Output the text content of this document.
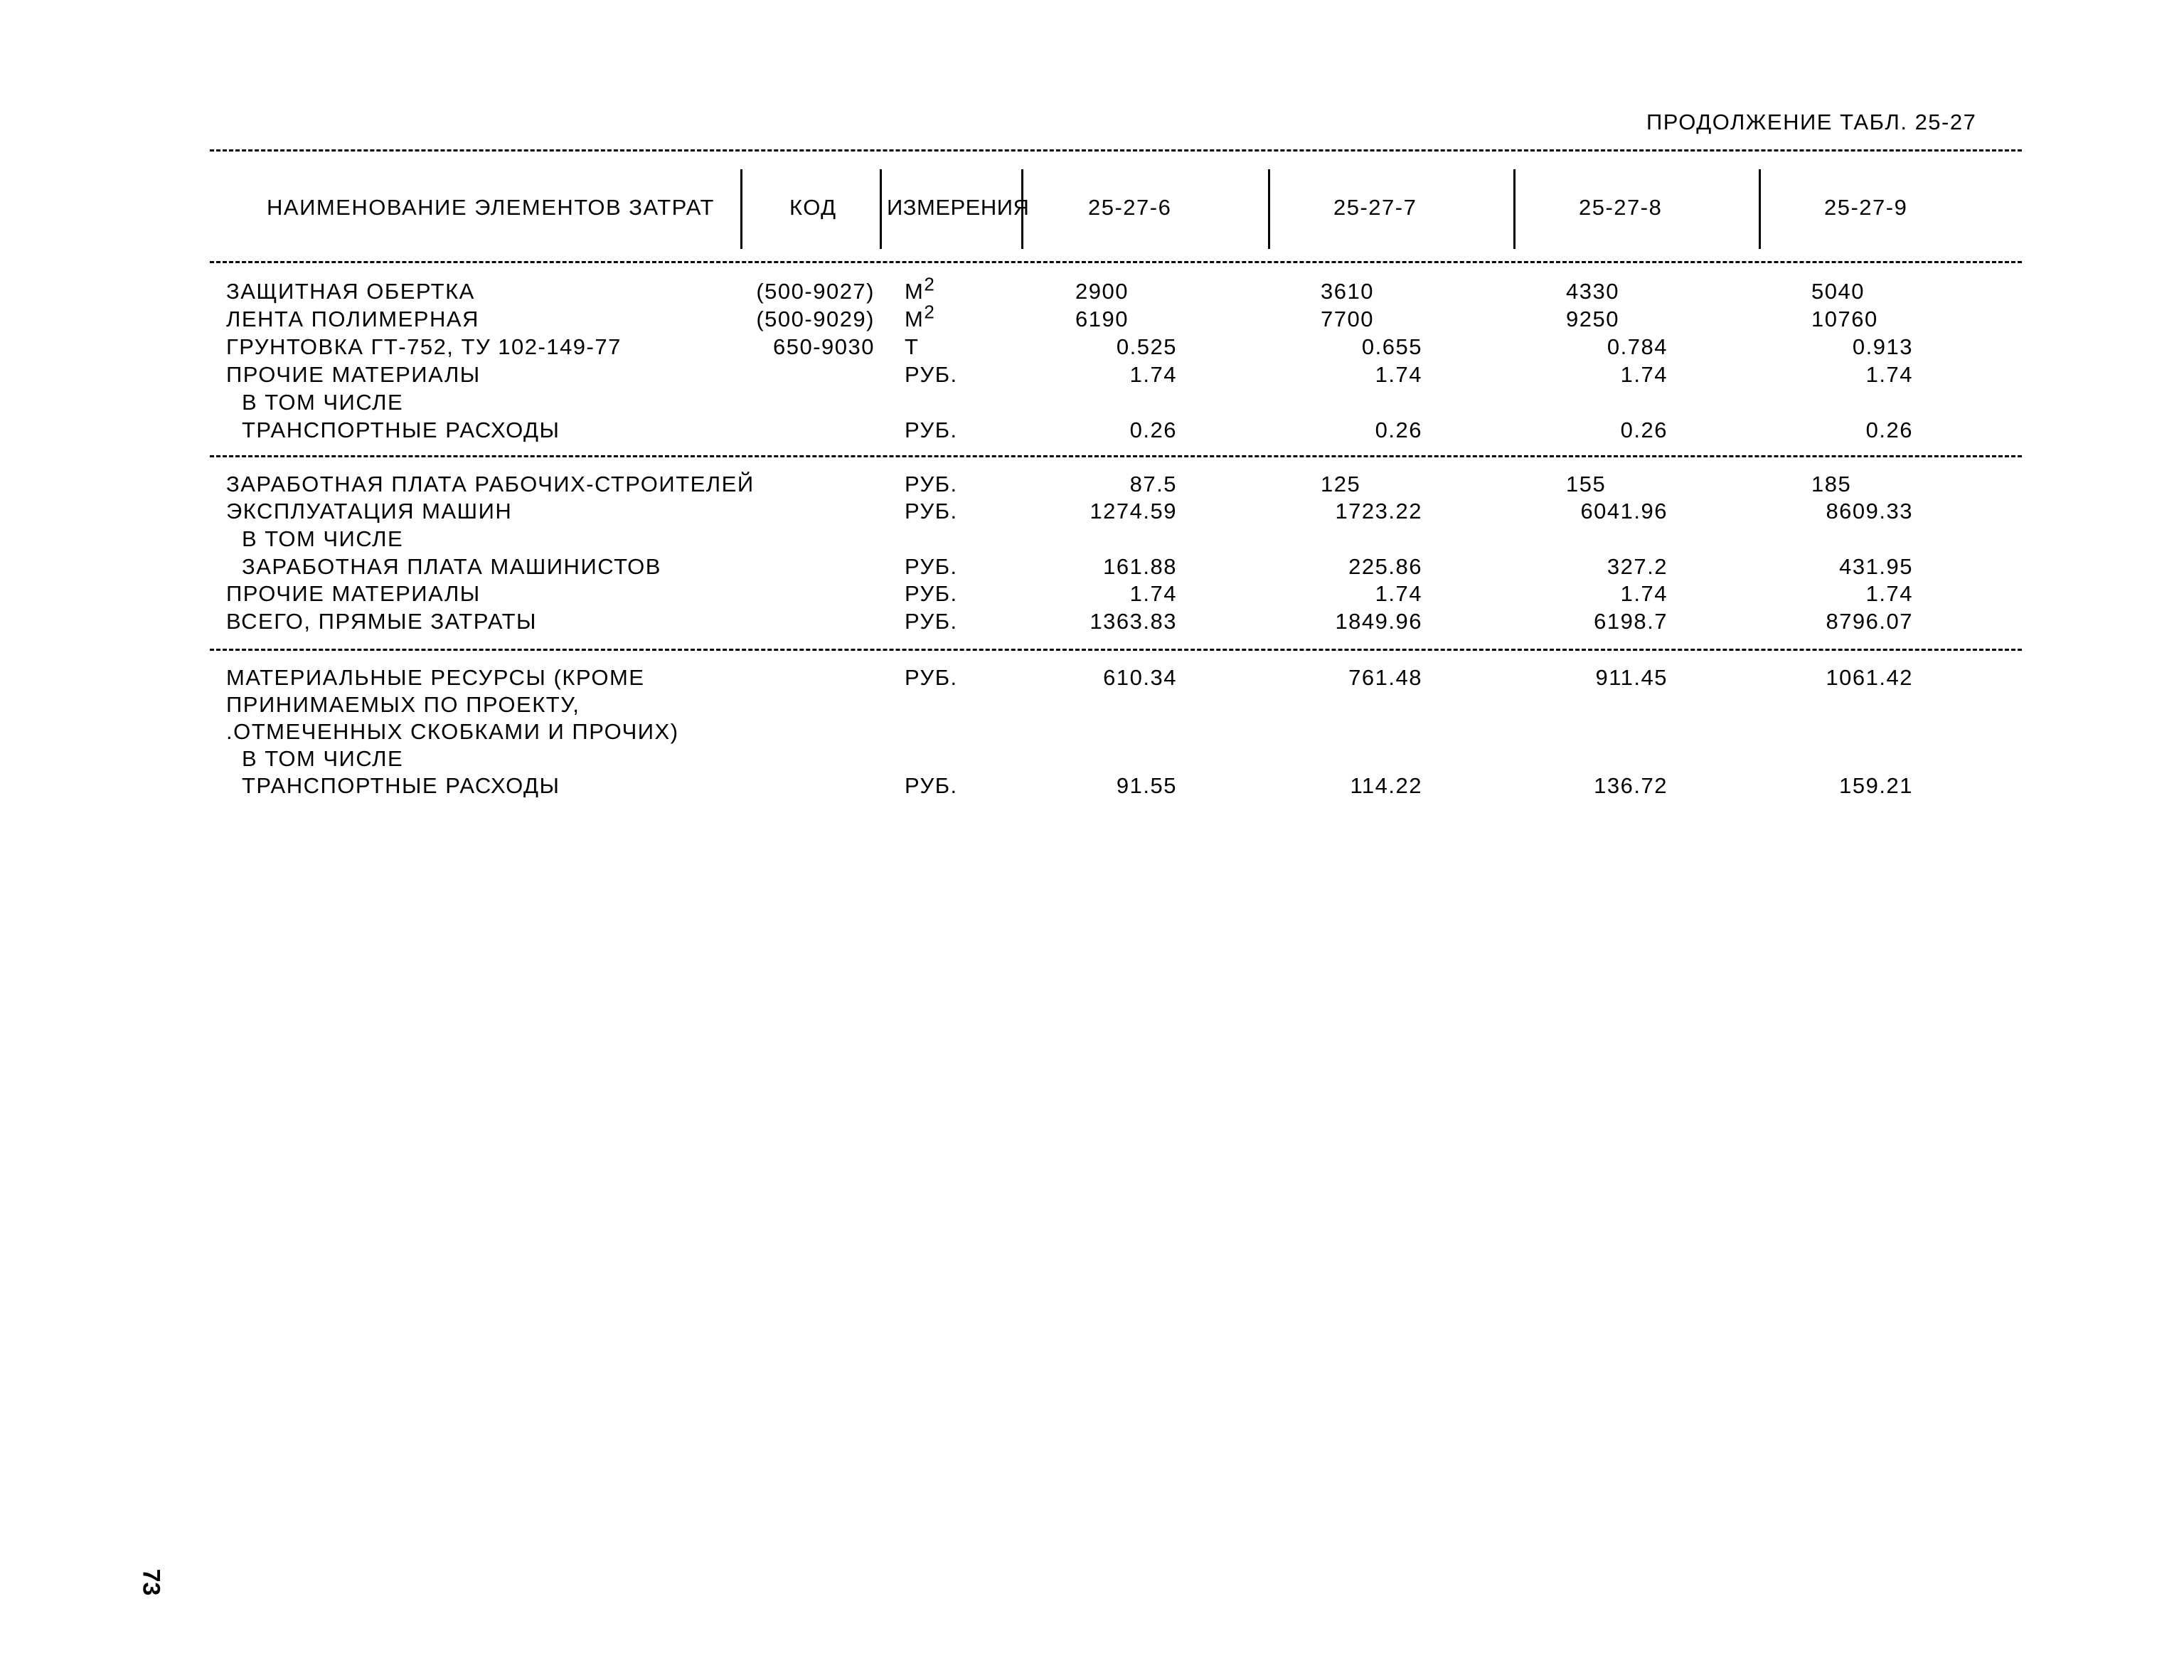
ПРОДОЛЖЕНИЕ ТАБЛ. 25-27
НАИМЕНОВАНИЕ ЭЛЕМЕНТОВ ЗАТРАТ	КОД ИЗМЕРЕНИЯ	25-27-6	25-27-7	25-27-8	25-27-9
ЗАЩИТНАЯ ОБЕРТКА	(500-9027) $М^2$	2900	3610	4330	5040
ЛЕНТА ПОЛИМЕРНАЯ	(500-9029) $М^2$	6190	7700	9250	10760
ГРУНТОВКА ГТ-752, ТУ 102-149-77	650-9030 Т	0.525	0.655	0.784	0.913
ПРОЧИЕ МАТЕРИАЛЫ	РУБ.	1.74	1.74	1.74	1.74
В ТОМ ЧИСЛЕ
ТРАНСПОРТНЫЕ РАСХОДЫ	РУБ.	0.26	0.26	0.26	0.26
ЗАРАБОТНАЯ ПЛАТА РАБОЧИХ-СТРОИТЕЛЕЙ	РУБ.	87.5	125	155	185
ЭКСПЛУАТАЦИЯ МАШИН	РУБ.	1274.59	1723.22	6041.96	8609.33
В ТОМ ЧИСЛЕ
ЗАРАБОТНАЯ ПЛАТА МАШИНИСТОВ	РУБ.	161.88	225.86	327.2	431.95
ПРОЧИЕ МАТЕРИАЛЫ	РУБ.	1.74	1.74	1.74	1.74
ВСЕГО, ПРЯМЫЕ ЗАТРАТЫ	РУБ.	1363.83	1849.96	6198.7	8796.07
МАТЕРИАЛЬНЫЕ РЕСУРСЫ (КРОМЕ	РУБ.	610.34	761.48	911.45	1061.42
ПРИНИМАЕМЫХ ПО ПРОЕКТУ,
.ОТМЕЧЕННЫХ СКОБКАМИ И ПРОЧИХ)
В ТОМ ЧИСЛЕ
ТРАНСПОРТНЫЕ РАСХОДЫ	РУБ.	91.55	114.22	136.72	159.21
73
